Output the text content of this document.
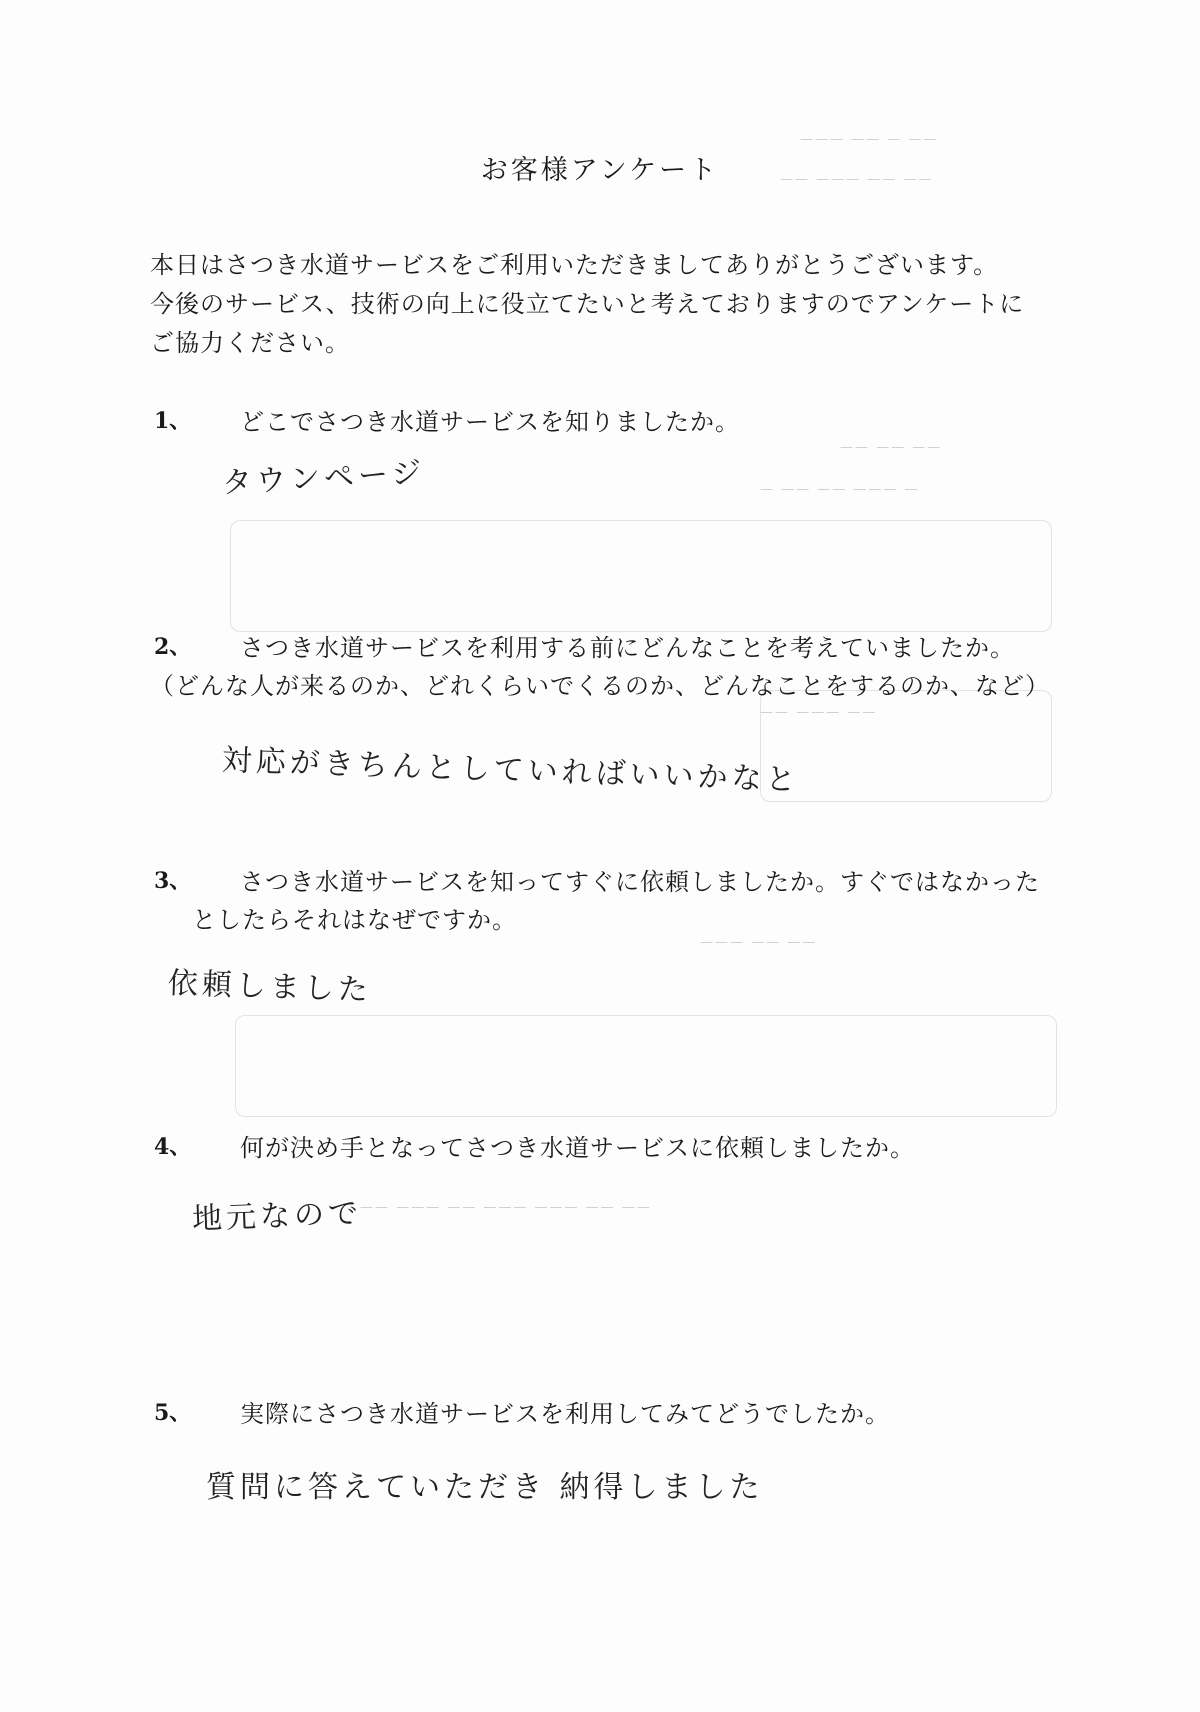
——— —— — ——
—— ——— —— ——
—— —— ——
— —— —— ——— —
—— ——— ——
——— —— ——
—— ——— —— ——— ——— —— ——
お客様アンケート

本日はさつき水道サービスをご利用いただきましてありがとうございます。

今後のサービス、技術の向上に役立てたいと考えておりますのでアンケートに

ご協力ください。

1、 どこでさつき水道サービスを知りましたか。
タウンページ
2、 さつき水道サービスを利用する前にどんなことを考えていましたか。
（どんな人が来るのか、どれくらいでくるのか、どんなことをするのか、など）
対応がきちんとしていればいいかなと
3、 さつき水道サービスを知ってすぐに依頼しましたか。すぐではなかった
としたらそれはなぜですか。
依頼しました
4、 何が決め手となってさつき水道サービスに依頼しましたか。
地元なので
5、 実際にさつき水道サービスを利用してみてどうでしたか。
質問に答えていただき 納得しました
